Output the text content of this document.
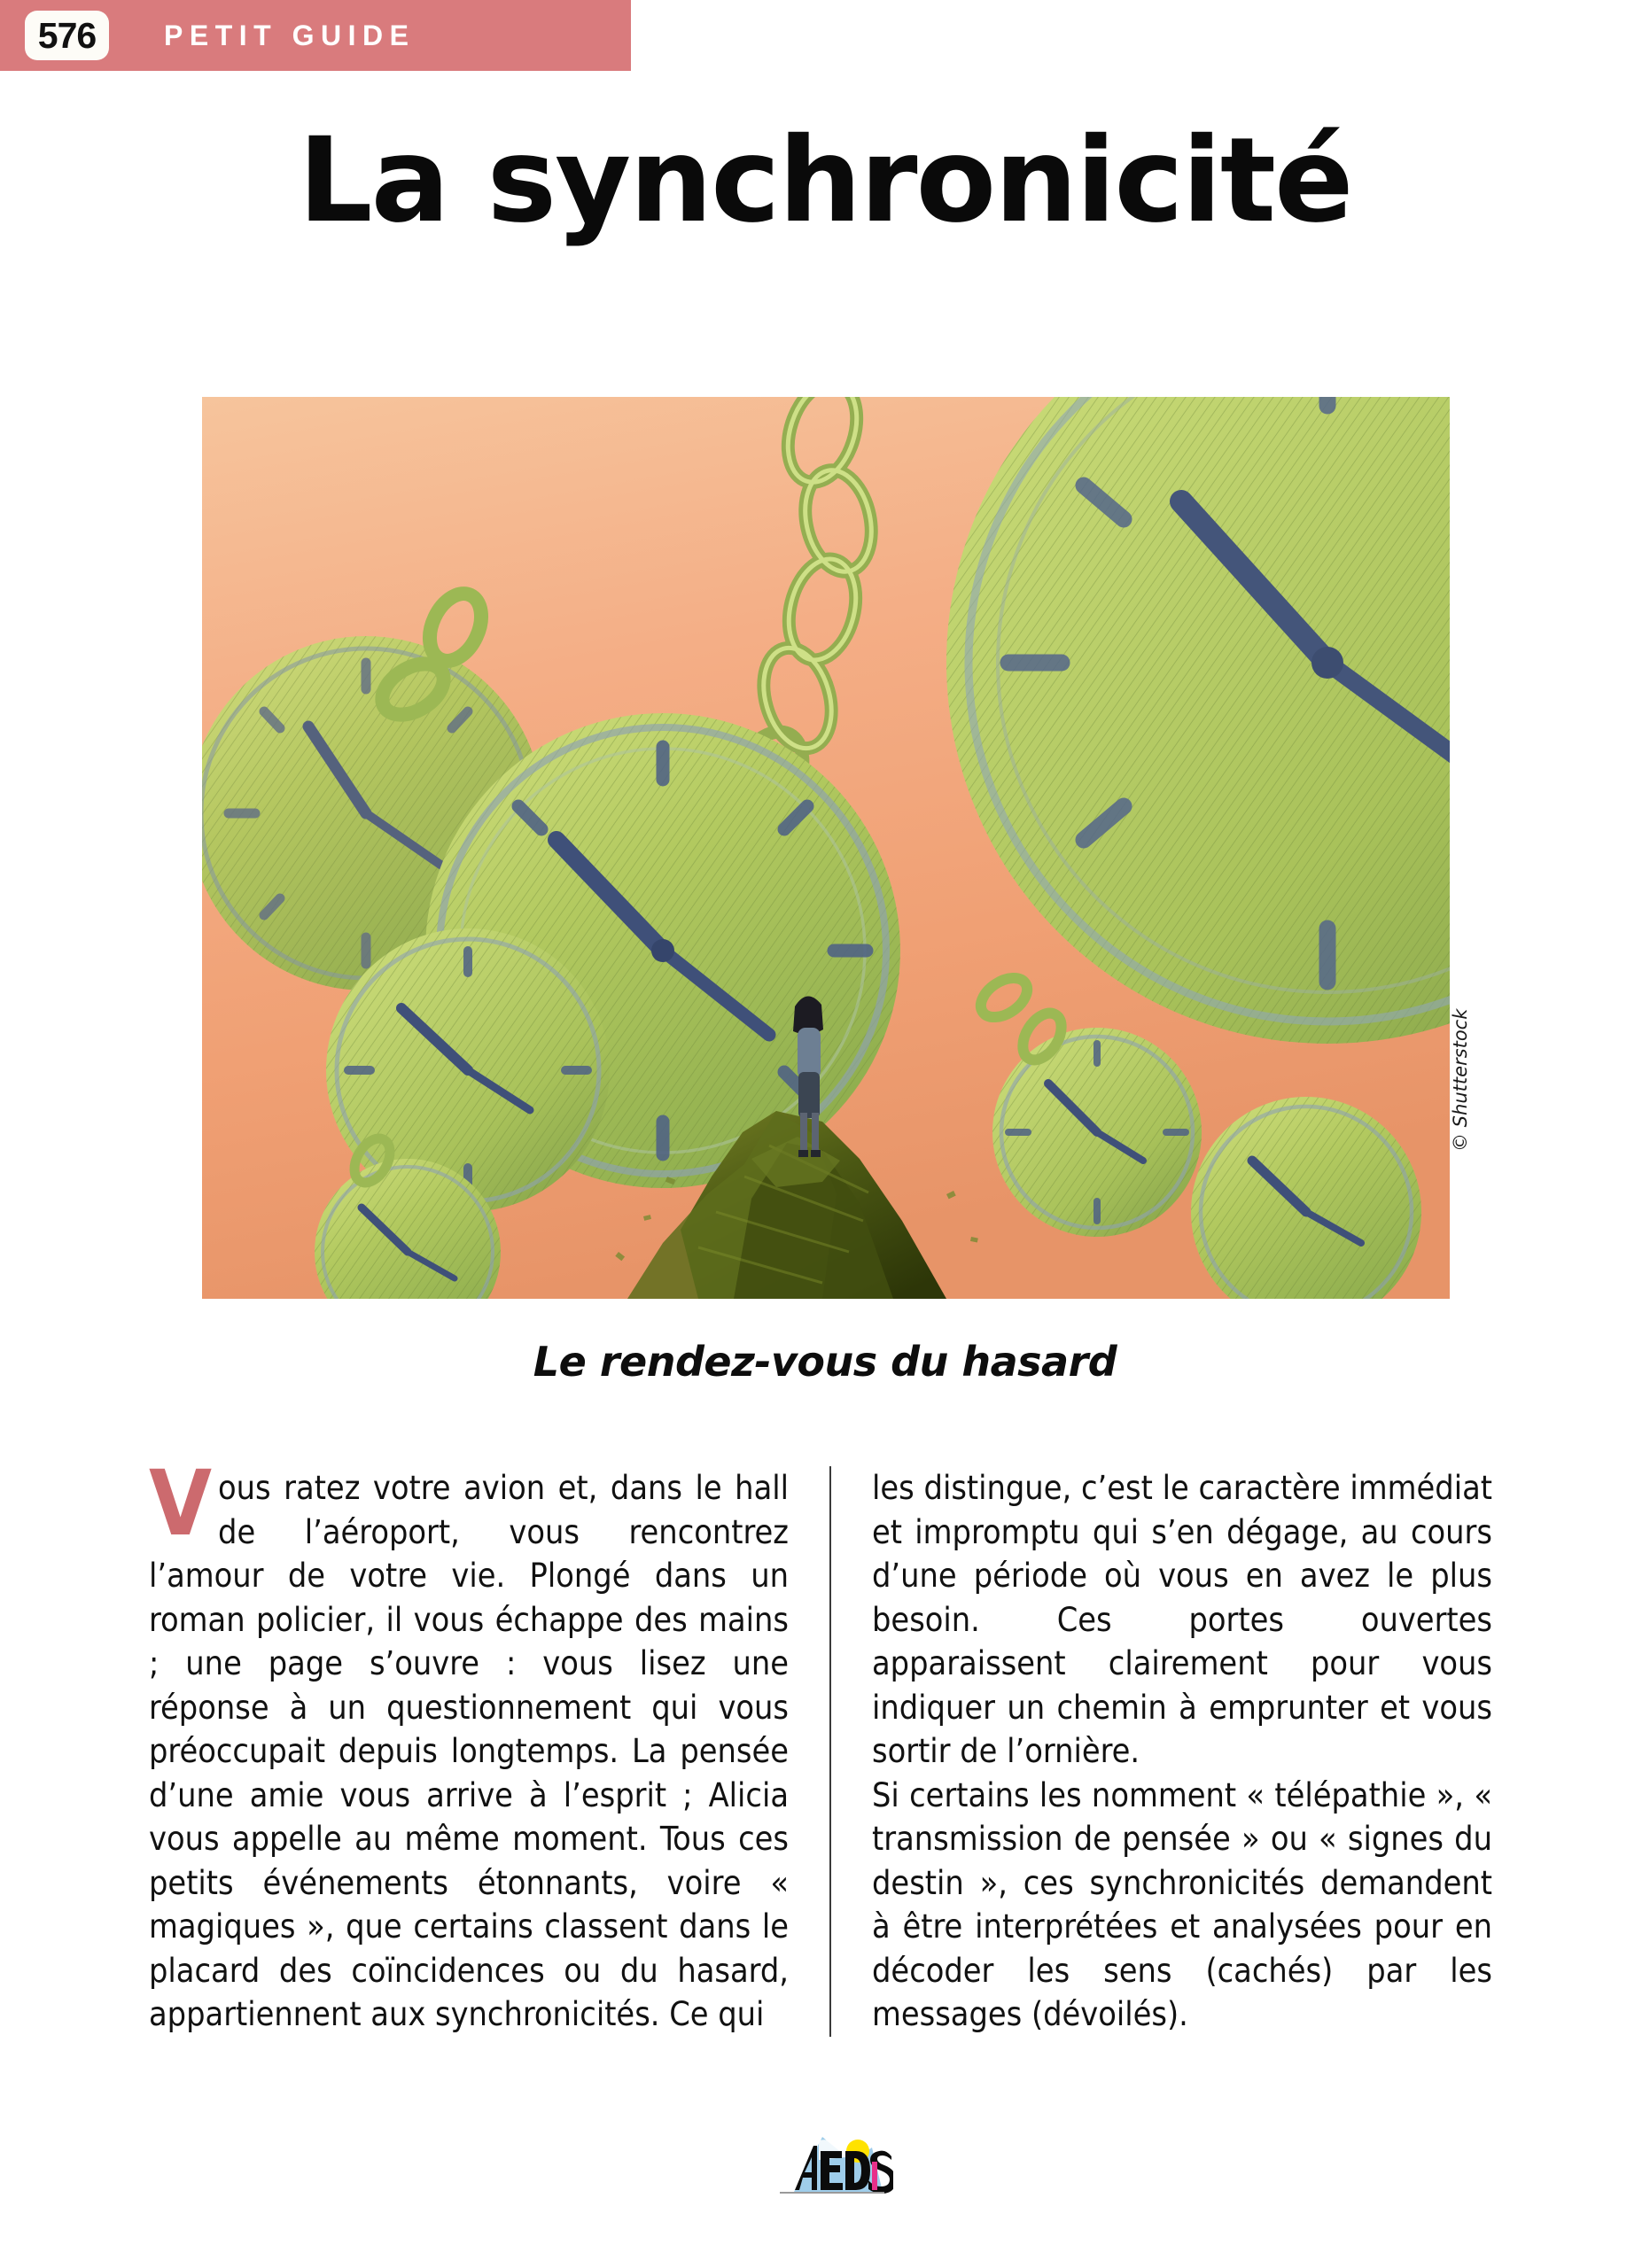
576	PETIT GUIDE
La synchronicité
© Shutterstock
Le rendez-vous du hasard

Vous ratez votre avion et, dans le hall de l’aéroport, vous rencontrez l’amour de votre vie. Plongé dans un roman policier, il vous échappe des mains ; une page s’ouvre : vous lisez une réponse à un questionnement qui vous préoccupait depuis longtemps. La pensée d’une amie vous arrive à l’esprit ; Alicia vous appelle au même moment. Tous ces petits événements étonnants, voire « magiques », que certains classent dans le placard des coïncidences ou du hasard, appartiennent aux synchronicités. Ce qui

les distingue, c’est le caractère immédiat et impromptu qui s’en dégage, au cours d’une période où vous en avez le plus besoin. Ces portes ouvertes apparaissent clairement pour vous indiquer un chemin à emprunter et vous sortir de l’ornière.

Si certains les nomment « télépathie », « transmission de pensée » ou « signes du destin », ces synchronicités demandent à être interprétées et analysées pour en décoder les sens (cachés) par les messages (dévoilés).
